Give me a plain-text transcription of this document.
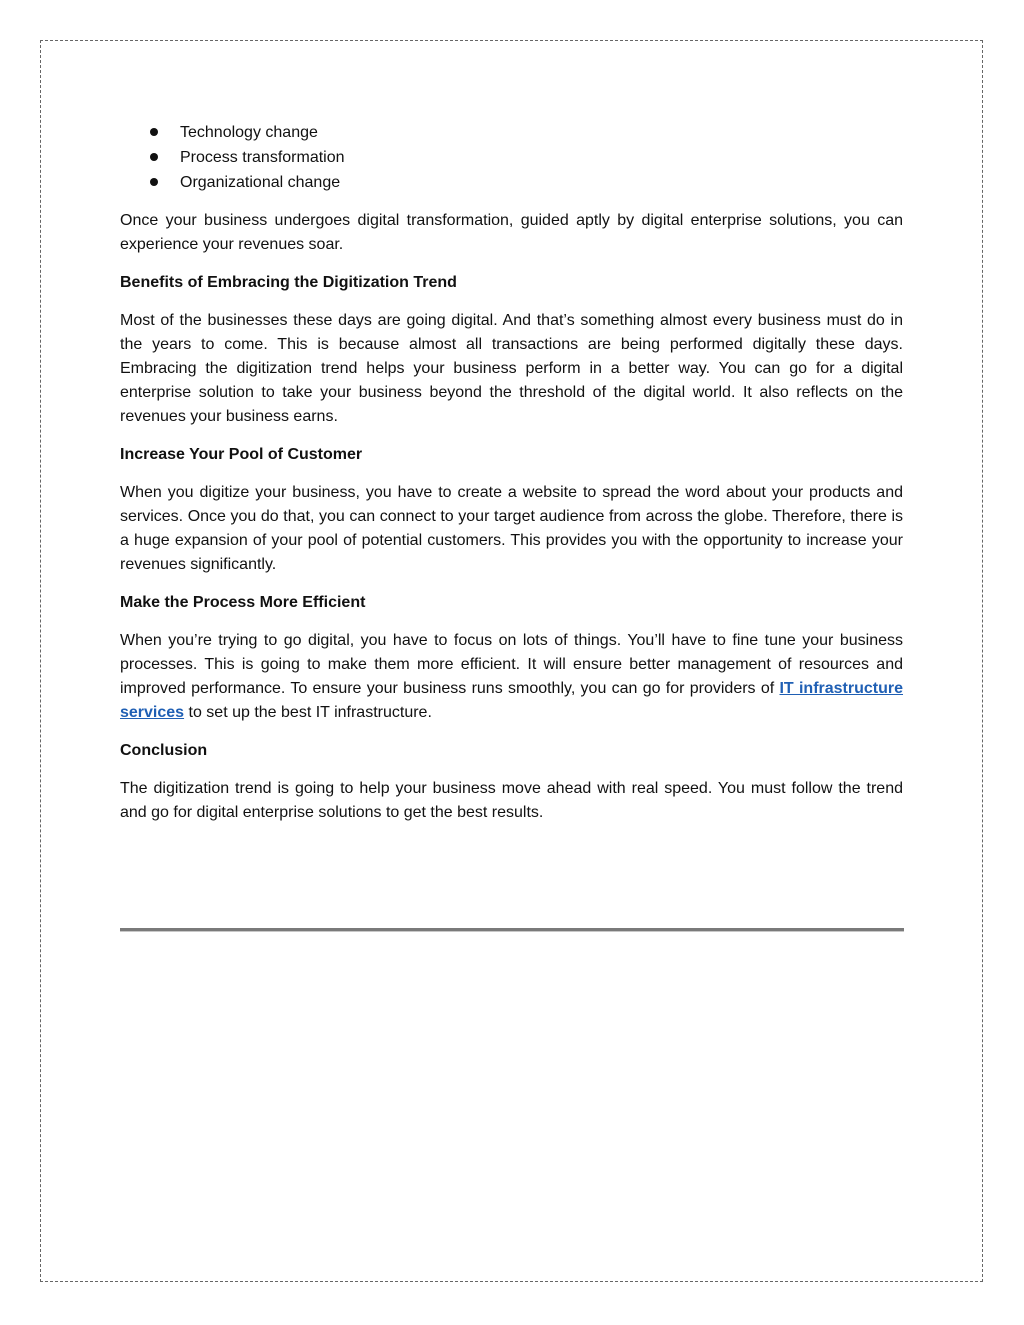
Technology change
Process transformation
Organizational change

Once your business undergoes digital transformation, guided aptly by digital enterprise solutions, you can experience your revenues soar.

Benefits of Embracing the Digitization Trend

Most of the businesses these days are going digital. And that’s something almost every business must do in the years to come. This is because almost all transactions are being performed digitally these days. Embracing the digitization trend helps your business perform in a better way. You can go for a digital enterprise solution to take your business beyond the threshold of the digital world. It also reflects on the revenues your business earns.

Increase Your Pool of Customer

When you digitize your business, you have to create a website to spread the word about your products and services. Once you do that, you can connect to your target audience from across the globe. Therefore, there is a huge expansion of your pool of potential customers. This provides you with the opportunity to increase your revenues significantly.

Make the Process More Efficient

When you’re trying to go digital, you have to focus on lots of things. You’ll have to fine tune your business processes. This is going to make them more efficient. It will ensure better management of resources and improved performance. To ensure your business runs smoothly, you can go for providers of IT infrastructure services to set up the best IT infrastructure.

Conclusion

The digitization trend is going to help your business move ahead with real speed. You must follow the trend and go for digital enterprise solutions to get the best results.
